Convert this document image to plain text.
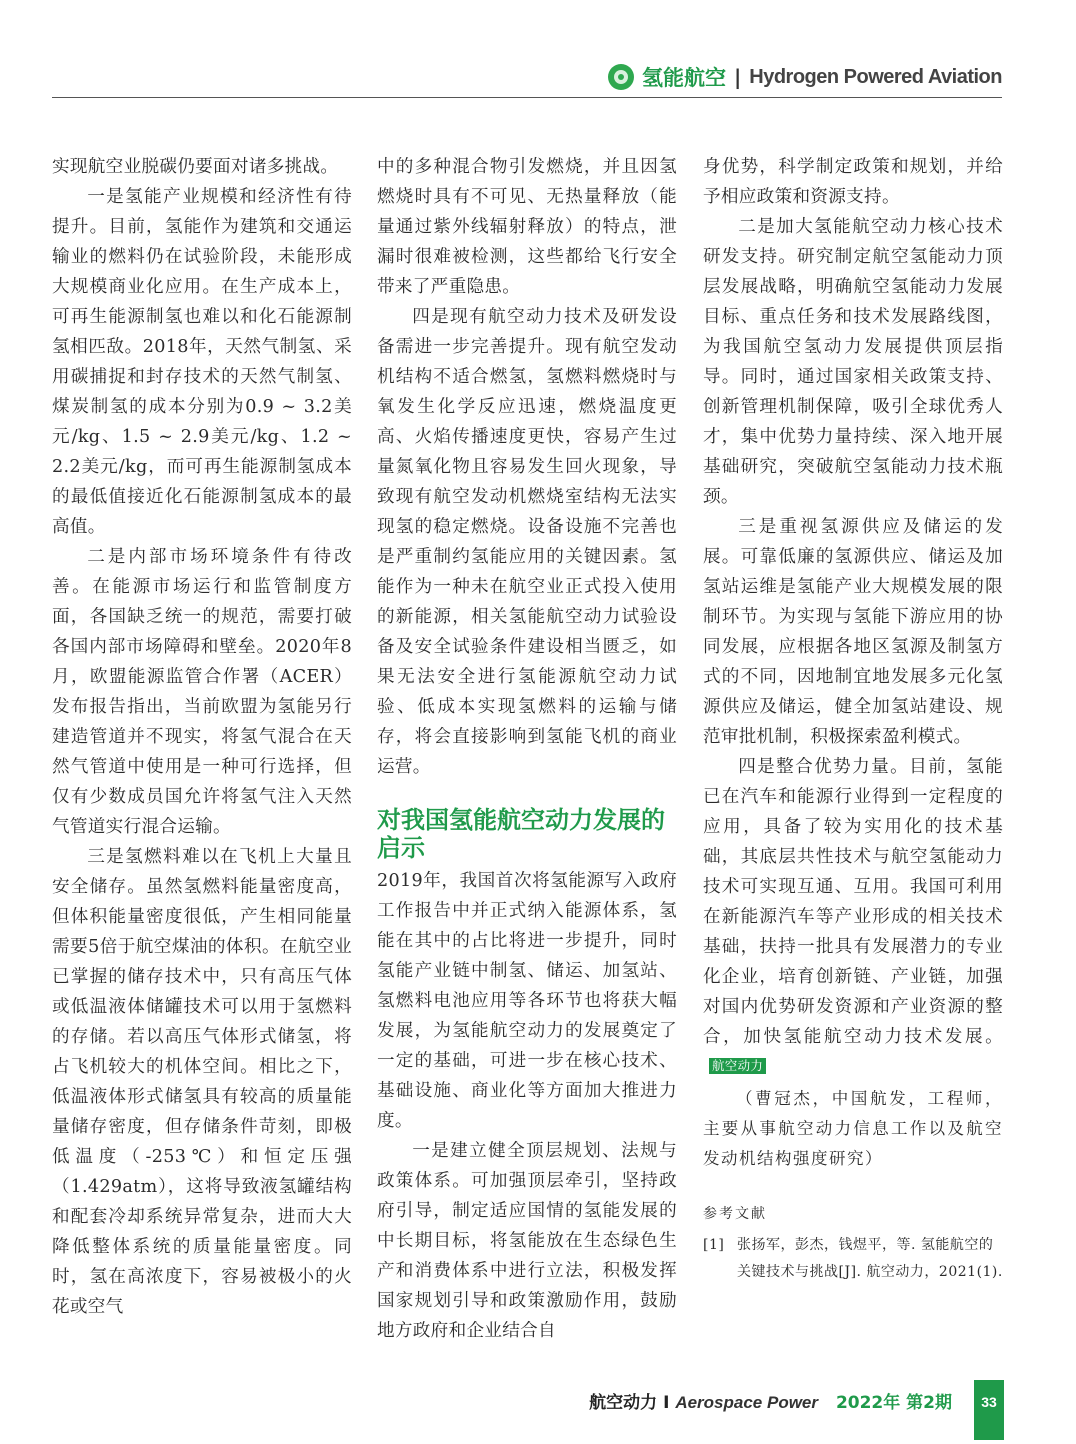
氢能航空 | Hydrogen Powered Aviation

实现航空业脱碳仍要面对诸多挑战。

一是氢能产业规模和经济性有待提升。目前，氢能作为建筑和交通运输业的燃料仍在试验阶段，未能形成大规模商业化应用。在生产成本上，可再生能源制氢也难以和化石能源制氢相匹敌。2018年，天然气制氢、采用碳捕捉和封存技术的天然气制氢、煤炭制氢的成本分别为0.9 ~ 3.2美元/kg、1.5 ~ 2.9美元/kg、1.2 ~ 2.2美元/kg，而可再生能源制氢成本的最低值接近化石能源制氢成本的最高值。

二是内部市场环境条件有待改善。在能源市场运行和监管制度方面，各国缺乏统一的规范，需要打破各国内部市场障碍和壁垒。2020年8月，欧盟能源监管合作署（ACER）发布报告指出，当前欧盟为氢能另行建造管道并不现实，将氢气混合在天然气管道中使用是一种可行选择，但仅有少数成员国允许将氢气注入天然气管道实行混合运输。

三是氢燃料难以在飞机上大量且安全储存。虽然氢燃料能量密度高，但体积能量密度很低，产生相同能量需要5倍于航空煤油的体积。在航空业已掌握的储存技术中，只有高压气体或低温液体储罐技术可以用于氢燃料的存储。若以高压气体形式储氢，将占飞机较大的机体空间。相比之下，低温液体形式储氢具有较高的质量能量储存密度，但存储条件苛刻，即极低温度（-253℃）和恒定压强（1.429atm），这将导致液氢罐结构和配套冷却系统异常复杂，进而大大降低整体系统的质量能量密度。同时，氢在高浓度下，容易被极小的火花或空气

中的多种混合物引发燃烧，并且因氢燃烧时具有不可见、无热量释放（能量通过紫外线辐射释放）的特点，泄漏时很难被检测，这些都给飞行安全带来了严重隐患。

四是现有航空动力技术及研发设备需进一步完善提升。现有航空发动机结构不适合燃氢，氢燃料燃烧时与氧发生化学反应迅速，燃烧温度更高、火焰传播速度更快，容易产生过量氮氧化物且容易发生回火现象，导致现有航空发动机燃烧室结构无法实现氢的稳定燃烧。设备设施不完善也是严重制约氢能应用的关键因素。氢能作为一种未在航空业正式投入使用的新能源，相关氢能航空动力试验设备及安全试验条件建设相当匮乏，如果无法安全进行氢能源航空动力试验、低成本实现氢燃料的运输与储存，将会直接影响到氢能飞机的商业运营。

对我国氢能航空动力发展的启示

2019年，我国首次将氢能源写入政府工作报告中并正式纳入能源体系，氢能在其中的占比将进一步提升，同时氢能产业链中制氢、储运、加氢站、氢燃料电池应用等各环节也将获大幅发展，为氢能航空动力的发展奠定了一定的基础，可进一步在核心技术、基础设施、商业化等方面加大推进力度。

一是建立健全顶层规划、法规与政策体系。可加强顶层牵引，坚持政府引导，制定适应国情的氢能发展的中长期目标，将氢能放在生态绿色生产和消费体系中进行立法，积极发挥国家规划引导和政策激励作用，鼓励地方政府和企业结合自

身优势，科学制定政策和规划，并给予相应政策和资源支持。

二是加大氢能航空动力核心技术研发支持。研究制定航空氢能动力顶层发展战略，明确航空氢能动力发展目标、重点任务和技术发展路线图，为我国航空氢动力发展提供顶层指导。同时，通过国家相关政策支持、创新管理机制保障，吸引全球优秀人才，集中优势力量持续、深入地开展基础研究，突破航空氢能动力技术瓶颈。

三是重视氢源供应及储运的发展。可靠低廉的氢源供应、储运及加氢站运维是氢能产业大规模发展的限制环节。为实现与氢能下游应用的协同发展，应根据各地区氢源及制氢方式的不同，因地制宜地发展多元化氢源供应及储运，健全加氢站建设、规范审批机制，积极探索盈利模式。

四是整合优势力量。目前，氢能已在汽车和能源行业得到一定程度的应用，具备了较为实用化的技术基础，其底层共性技术与航空氢能动力技术可实现互通、互用。我国可利用在新能源汽车等产业形成的相关技术基础，扶持一批具有发展潜力的专业化企业，培育创新链、产业链，加强对国内优势研发资源和产业资源的整合，加快氢能航空动力技术发展。航空动力

（曹冠杰，中国航发，工程师，主要从事航空动力信息工作以及航空发动机结构强度研究）
参考文献
[1] 张扬军，彭杰，钱煜平，等. 氢能航空的关键技术与挑战[J]. 航空动力，2021(1).
航空动力 I Aerospace Power 2022年 第2期	33
